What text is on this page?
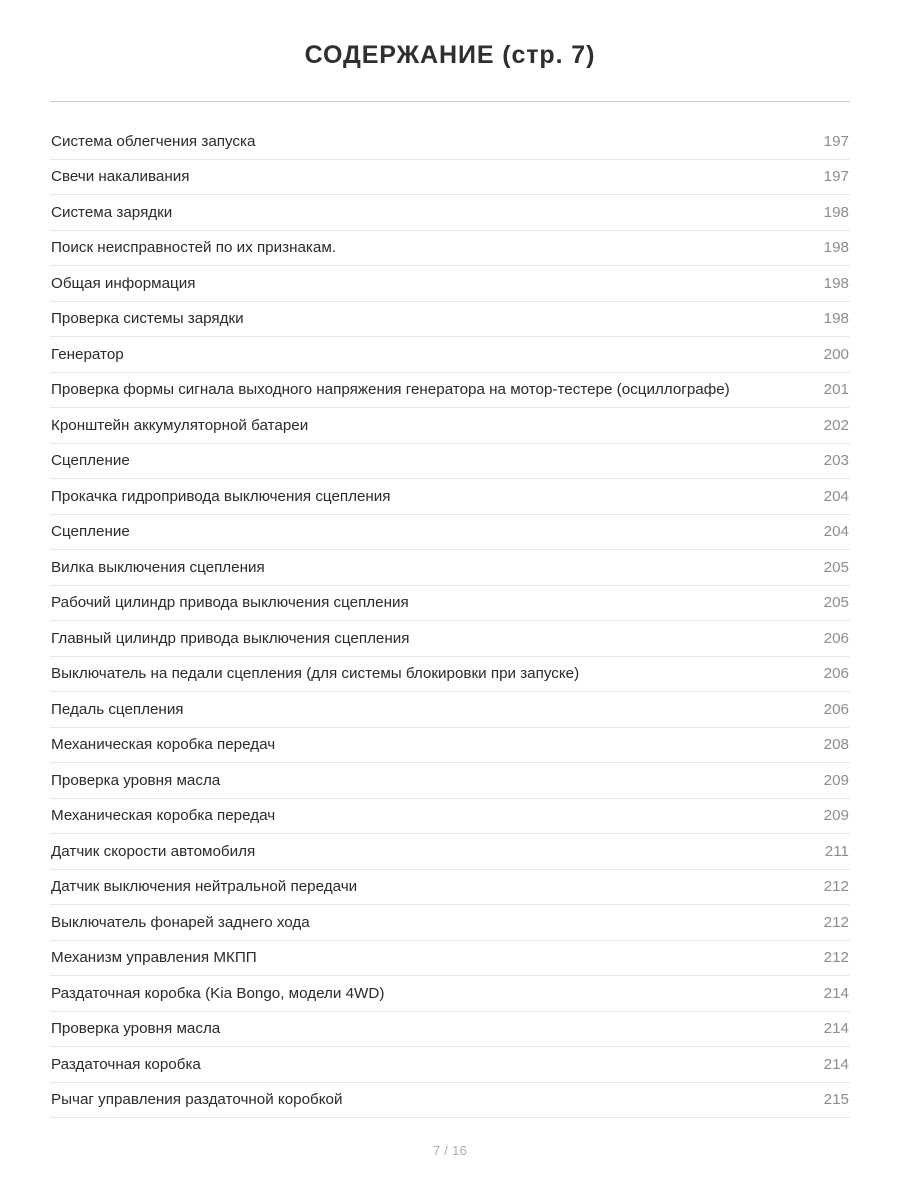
СОДЕРЖАНИЕ (стр. 7)
Система облегчения запуска	197
Свечи накаливания	197
Система зарядки	198
Поиск неисправностей по их признакам.	198
Общая информация	198
Проверка системы зарядки	198
Генератор	200
Проверка формы сигнала выходного напряжения генератора на мотор-тестере (осциллографе)	201
Кронштейн аккумуляторной батареи	202
Сцепление	203
Прокачка гидропривода выключения сцепления	204
Сцепление	204
Вилка выключения сцепления	205
Рабочий цилиндр привода выключения сцепления	205
Главный цилиндр привода выключения сцепления	206
Выключатель на педали сцепления (для системы блокировки при запуске)	206
Педаль сцепления	206
Механическая коробка передач	208
Проверка уровня масла	209
Механическая коробка передач	209
Датчик скорости автомобиля	211
Датчик выключения нейтральной передачи	212
Выключатель фонарей заднего хода	212
Механизм управления МКПП	212
Раздаточная коробка (Kia Bongo, модели 4WD)	214
Проверка уровня масла	214
Раздаточная коробка	214
Рычаг управления раздаточной коробкой	215
7 / 16
